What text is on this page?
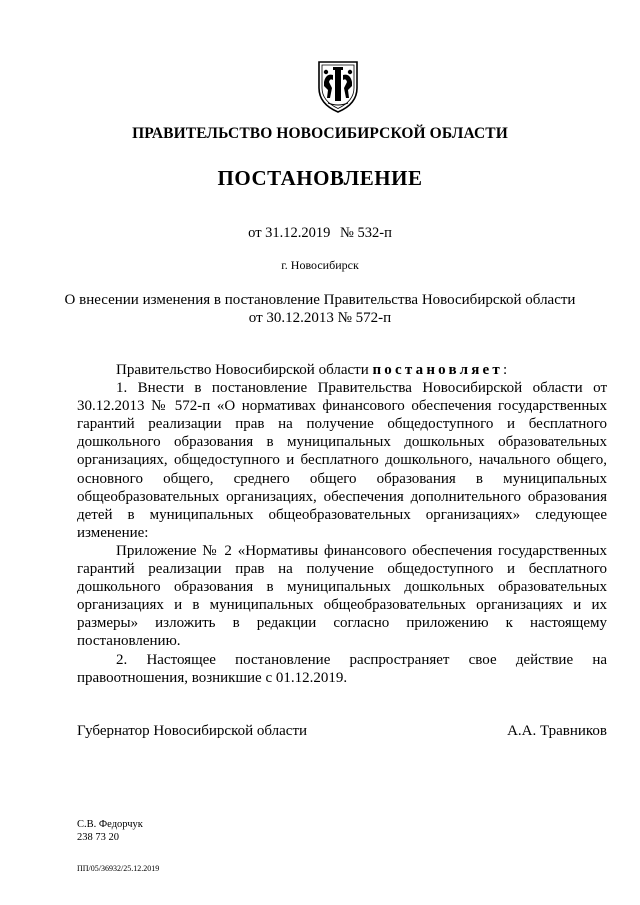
ПРАВИТЕЛЬСТВО НОВОСИБИРСКОЙ ОБЛАСТИ
ПОСТАНОВЛЕНИЕ
от 31.12.2019 № 532-п
г. Новосибирск
О внесении изменения в постановление Правительства Новосибирской области
от 30.12.2013 № 572-п

Правительство Новосибирской области постановляет:

1. Внести в постановление Правительства Новосибирской области от 30.12.2013 № 572-п «О нормативах финансового обеспечения государственных гарантий реализации прав на получение общедоступного и бесплатного дошкольного образования в муниципальных дошкольных образовательных организациях, общедоступного и бесплатного дошкольного, начального общего, основного общего, среднего общего образования в муниципальных общеобразовательных организациях, обеспечения дополнительного образования детей в муниципальных общеобразовательных организациях» следующее изменение:

Приложение № 2 «Нормативы финансового обеспечения государственных гарантий реализации прав на получение общедоступного и бесплатного дошкольного образования в муниципальных дошкольных образовательных организациях и в муниципальных общеобразовательных организациях и их размеры» изложить в редакции согласно приложению к настоящему постановлению.

2. Настоящее постановление распространяет свое действие на правоотношения, возникшие с 01.12.2019.

Губернатор Новосибирской области	А.А. Травников
С.В. Федорчук
238 73 20
ПП/05/36932/25.12.2019
